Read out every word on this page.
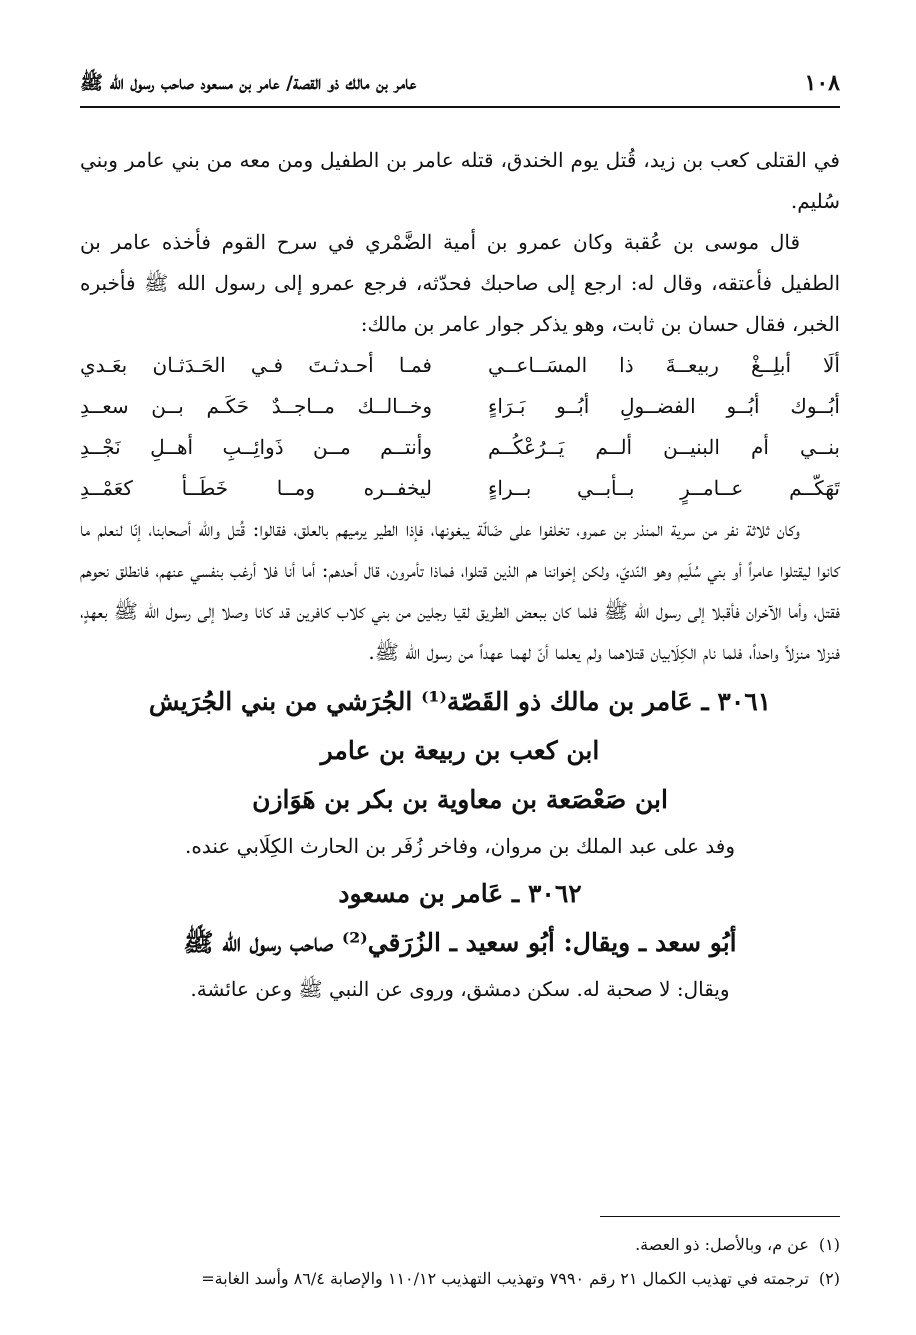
١٠٨
عامر بن مالك ذو القصة/ عامر بن مسعود صاحب رسول الله ﷺ

في القتلى كعب بن زيد، قُتل يوم الخندق، قتله عامر بن الطفيل ومن معه من بني عامر وبني سُليم.

قال موسى بن عُقبة وكان عمرو بن أمية الضَّمْري في سرح القوم فأخذه عامر بن الطفيل فأعتقه، وقال له: ارجع إلى صاحبك فحدّثه، فرجع عمرو إلى رسول الله ﷺ فأخبره الخبر، فقال حسان بن ثابت، وهو يذكر جوار عامر بن مالك:

ألَا أبلِــغْ ربيعــةَ ذا المسَــاعــي
فمـا أحـدثـتَ فـي الحَـدَثـان بعَـدي
أبُــوك أبُــو الفضــولِ أبُــو بَـرَاءٍ
وخــالــك مــاجــدٌ حَكَـم بــن سعــدِ
بنــي أم البنيــن ألــم يَــرُعْكُــم
وأنتــم مــن ذَوائِــبِ أهــلِ نَجْــدِ
تَهَكّــم عــامــرٍ بــأبــي بــراءٍ
ليخفــره ومــا خَطَــأ كعَمْــدِ

وكان ثلاثة نفر من سرية المنذر بن عمرو، تخلفوا على ضَالّة يبغونها، فإذا الطير يرميهم بالعلق، فقالوا: قُتل والله أصحابنا، إنّا لنعلم ما كانوا ليقتلوا عامراً أو بني سُلَيم وهو النّديّ، ولكن إخواننا هم الذين قتلوا، فماذا تأمرون، قال أحدهم: أما أنا فلا أرغب بنفسي عنهم، فانطلق نحوهم فقتل، وأما الآخران فأقبلا إلى رسول الله ﷺ فلما كان ببعض الطريق لقيا رجلين من بني كلاب كافرين قد كانا وصلا إلى رسول الله ﷺ بعهدٍ، فنزلا منزلاً واحداً، فلما نام الكِلَابيان قتلاهما ولم يعلما أنّ لهما عهداً من رسول الله ﷺ.

٣٠٦١ ـ عَامر بن مالك ذو القَصّة⁽¹⁾ الجُرَشي من بني الجُرَيش
ابن كعب بن ربيعة بن عامر
ابن صَعْصَعة بن معاوية بن بكر بن هَوَازن
وفد على عبد الملك بن مروان، وفاخر زُفَر بن الحارث الكِلَابي عنده.
٣٠٦٢ ـ عَامر بن مسعود
أبُو سعد ـ ويقال: أبُو سعيد ـ الزُرَقي⁽²⁾ صاحب رسول الله ﷺ
ويقال: لا صحبة له. سكن دمشق، وروى عن النبي ﷺ وعن عائشة.

(١)عن م، وبالأصل: ذو العصة.

(٢)ترجمته في تهذيب الكمال ٢١ رقم ٧٩٩٠ وتهذيب التهذيب ١١٠/١٢ والإصابة ٨٦/٤ وأسد الغابة=
